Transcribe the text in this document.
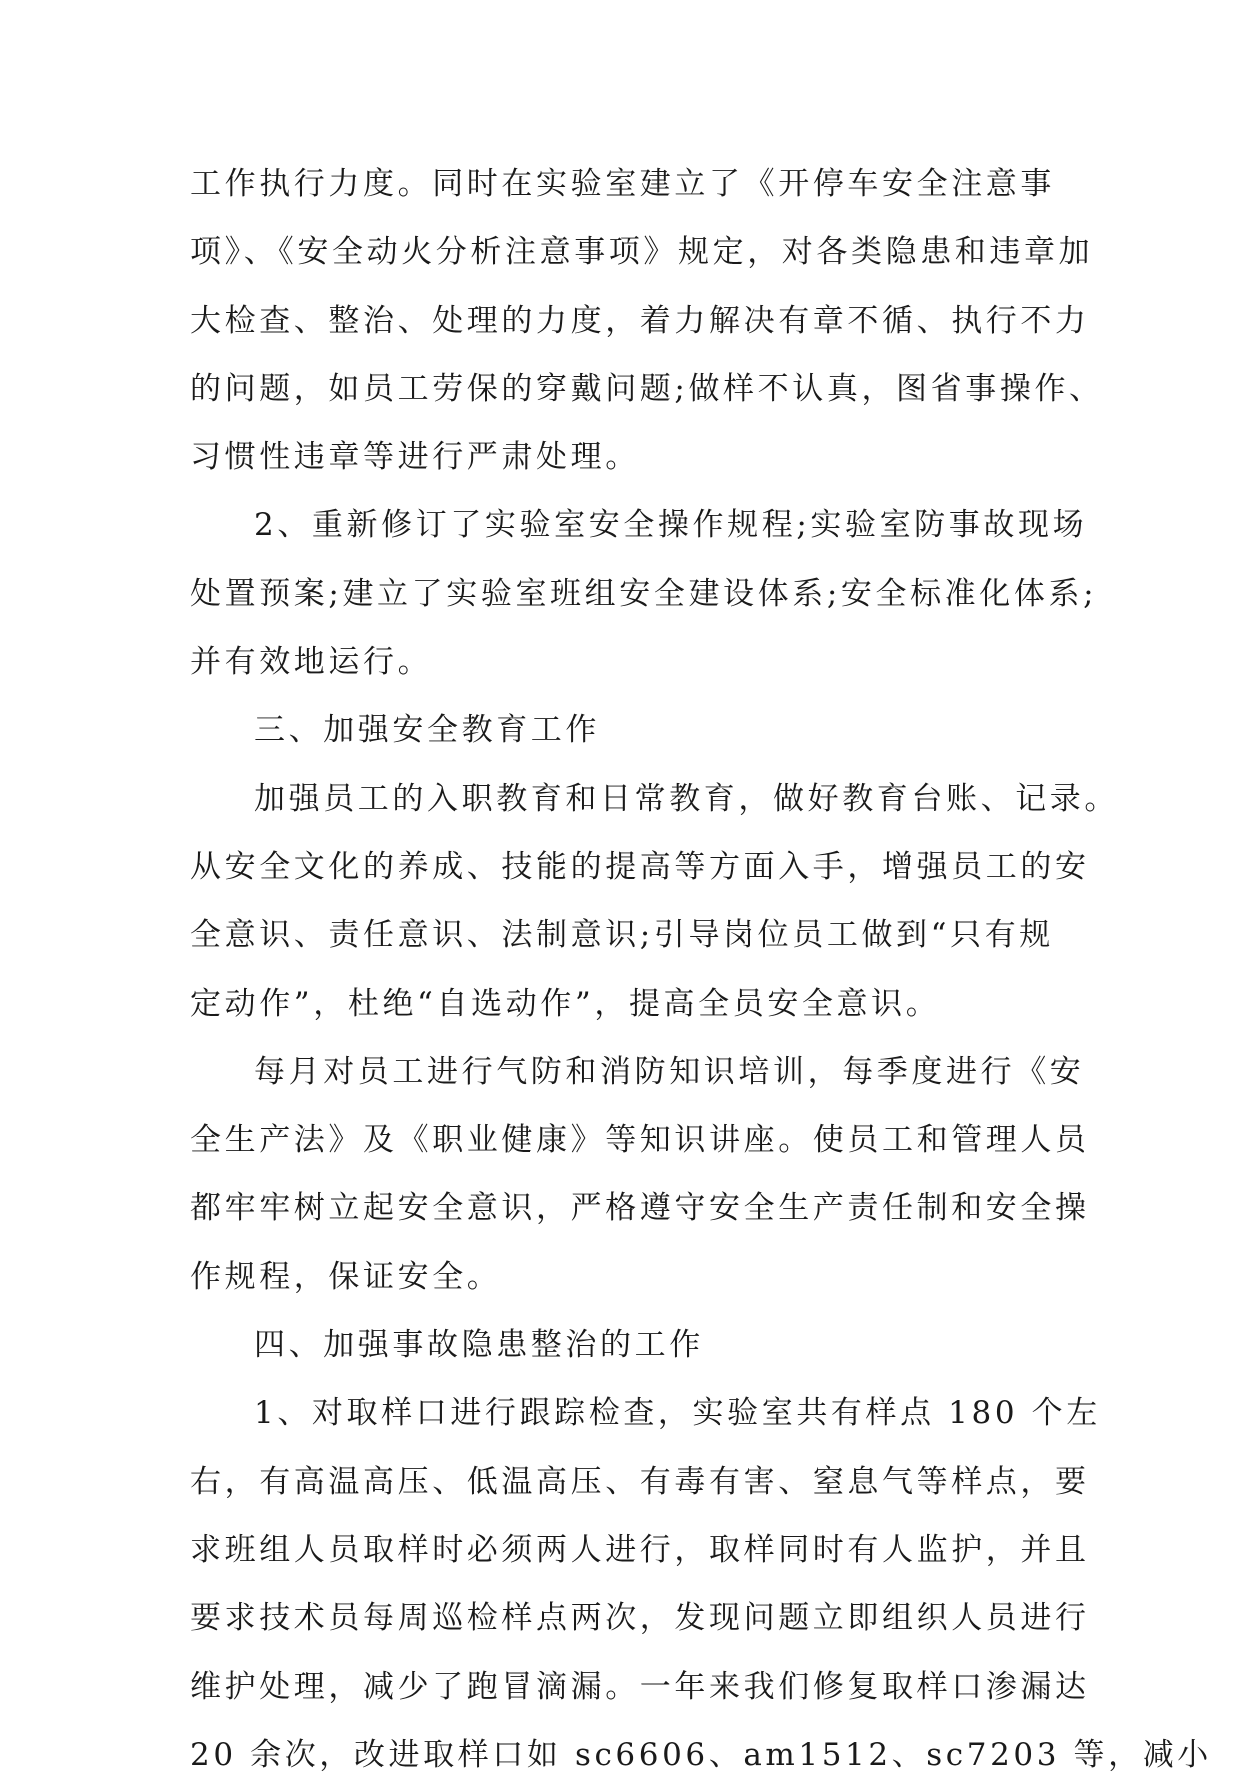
工作执行力度。同时在实验室建立了《开停车安全注意事
项》、《安全动火分析注意事项》规定，对各类隐患和违章加
大检查、整治、处理的力度，着力解决有章不循、执行不力
的问题，如员工劳保的穿戴问题;做样不认真，图省事操作、
习惯性违章等进行严肃处理。
2、重新修订了实验室安全操作规程;实验室防事故现场
处置预案;建立了实验室班组安全建设体系;安全标准化体系;
并有效地运行。
三、加强安全教育工作
加强员工的入职教育和日常教育，做好教育台账、记录。
从安全文化的养成、技能的提高等方面入手，增强员工的安
全意识、责任意识、法制意识;引导岗位员工做到“只有规
定动作”，杜绝“自选动作”，提高全员安全意识。
每月对员工进行气防和消防知识培训，每季度进行《安
全生产法》及《职业健康》等知识讲座。使员工和管理人员
都牢牢树立起安全意识，严格遵守安全生产责任制和安全操
作规程，保证安全。
四、加强事故隐患整治的工作
1、对取样口进行跟踪检查，实验室共有样点 180 个左
右，有高温高压、低温高压、有毒有害、窒息气等样点，要
求班组人员取样时必须两人进行，取样同时有人监护，并且
要求技术员每周巡检样点两次，发现问题立即组织人员进行
维护处理，减少了跑冒滴漏。一年来我们修复取样口渗漏达
20 余次，改进取样口如 sc6606、am1512、sc7203 等，减小
